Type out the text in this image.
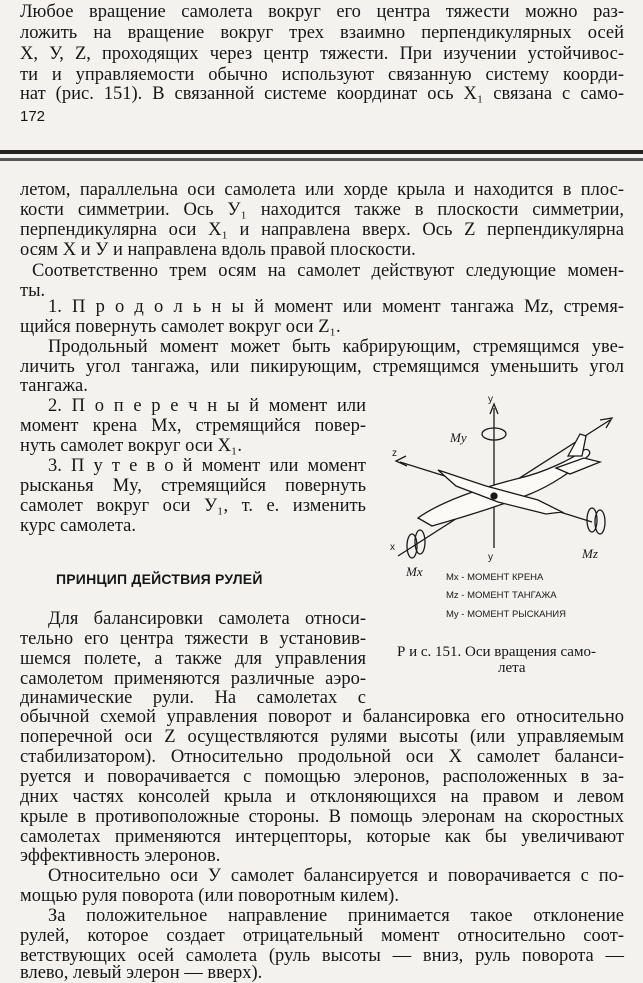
Любое вращение самолета вокруг его центра тяжести можно раз-
ложить на вращение вокруг трех взаимно перпендикулярных осей
X, У, Z, проходящих через центр тяжести. При изучении устойчивос-
ти и управляемости обычно используют связанную систему коорди-
нат (рис. 151). В связанной системе координат ось X₁ связана с само-
172
летом, параллельна оси самолета или хорде крыла и находится в плос-
кости симметрии. Ось У₁ находится также в плоскости симметрии,
перпендикулярна оси X₁ и направлена вверх. Ось Z перпендикулярна
осям X и У и направлена вдоль правой плоскости.
Соответственно трем осям на самолет действуют следующие момен-
ты.
1. П р о д о л ь н ы й момент или момент тангажа Mz, стремя-
щийся повернуть самолет вокруг оси Z₁.
Продольный момент может быть кабрирующим, стремящимся уве-
личить угол тангажа, или пикирующим, стремящимся уменьшить угол
тангажа.
2. П о п е р е ч н ы й момент или
момент крена Mx, стремящийся повер-
нуть самолет вокруг оси X₁.
3. П у т е в о й момент или момент
рысканья My, стремящийся повернуть
самолет вокруг оси У₁, т. е. изменить
курс самолета.
ПРИНЦИП ДЕЙСТВИЯ РУЛЕЙ
Для балансировки самолета относи-
тельно его центра тяжести в установив-
шемся полете, а также для управления
самолетом применяются различные аэро-
динамические рули. На самолетах с
обычной схемой управления поворот и балансировка его относительно
поперечной оси Z осуществляются рулями высоты (или управляемым
стабилизатором). Относительно продольной оси X самолет баланси-
руется и поворачивается с помощью элеронов, расположенных в за-
дних частях консолей крыла и отклоняющихся на правом и левом
крыле в противоположные стороны. В помощь элеронам на скоростных
самолетах применяются интерцепторы, которые как бы увеличивают
эффективность элеронов.
Относительно оси У самолет балансируется и поворачивается с по-
мощью руля поворота (или поворотным килем).
За положительное направление принимается такое отклонение
рулей, которое создает отрицательный момент относительно соот-
ветствующих осей самолета (руль высоты — вниз, руль поворота —
влево, левый элерон — вверх).
y
y
z
x
My
Mx
Mz
Mx - МОМЕНТ КРЕНА
Mz - МОМЕНТ ТАНГАЖА
My - МОМЕНТ РЫСКАНИЯ
Р и с. 151. Оси вращения само-
лета
